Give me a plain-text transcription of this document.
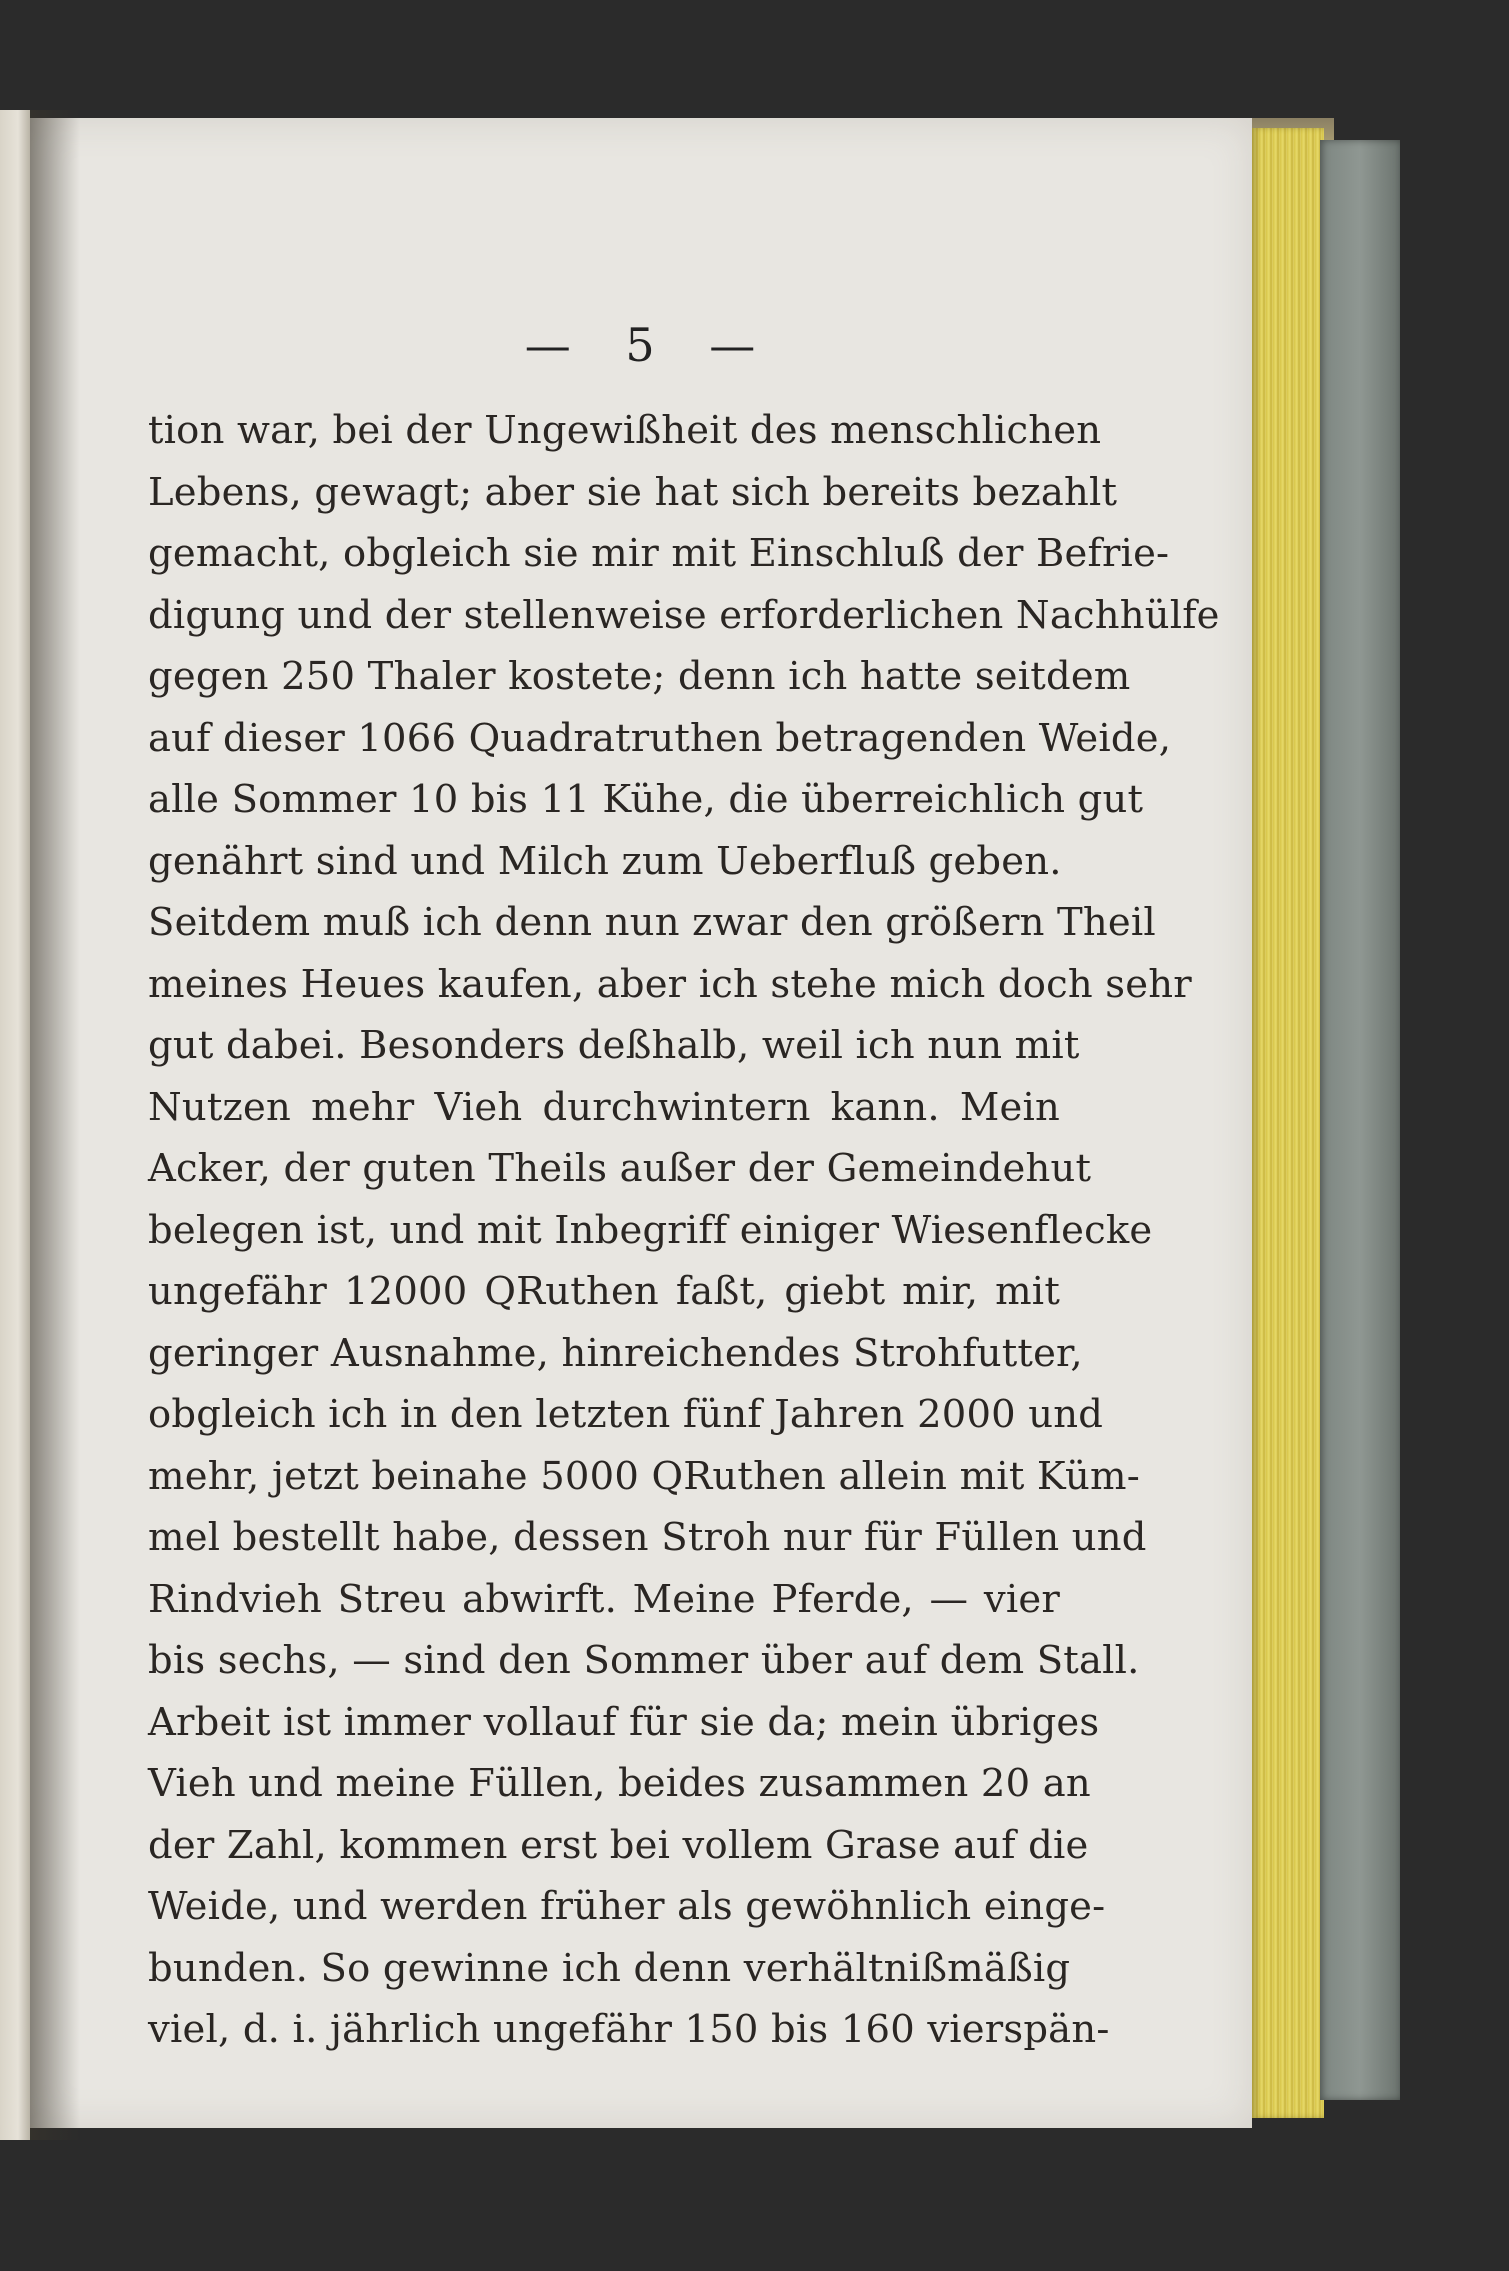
— 5 —
tion war, bei der Ungewißheit des menschlichen
Lebens, gewagt; aber sie hat sich bereits bezahlt
gemacht, obgleich sie mir mit Einschluß der Befrie-
digung und der stellenweise erforderlichen Nachhülfe
gegen 250 Thaler kostete; denn ich hatte seitdem
auf dieser 1066 Quadratruthen betragenden Weide,
alle Sommer 10 bis 11 Kühe, die überreichlich gut
genährt sind und Milch zum Ueberfluß geben.
Seitdem muß ich denn nun zwar den größern Theil
meines Heues kaufen, aber ich stehe mich doch sehr
gut dabei. Besonders deßhalb, weil ich nun mit
Nutzen mehr Vieh durchwintern kann. Mein
Acker, der guten Theils außer der Gemeindehut
belegen ist, und mit Inbegriff einiger Wiesenflecke
ungefähr 12000 QRuthen faßt, giebt mir, mit
geringer Ausnahme, hinreichendes Strohfutter,
obgleich ich in den letzten fünf Jahren 2000 und
mehr, jetzt beinahe 5000 QRuthen allein mit Küm-
mel bestellt habe, dessen Stroh nur für Füllen und
Rindvieh Streu abwirft. Meine Pferde, — vier
bis sechs, — sind den Sommer über auf dem Stall.
Arbeit ist immer vollauf für sie da; mein übriges
Vieh und meine Füllen, beides zusammen 20 an
der Zahl, kommen erst bei vollem Grase auf die
Weide, und werden früher als gewöhnlich einge-
bunden. So gewinne ich denn verhältnißmäßig
viel, d. i. jährlich ungefähr 150 bis 160 vierspän-
